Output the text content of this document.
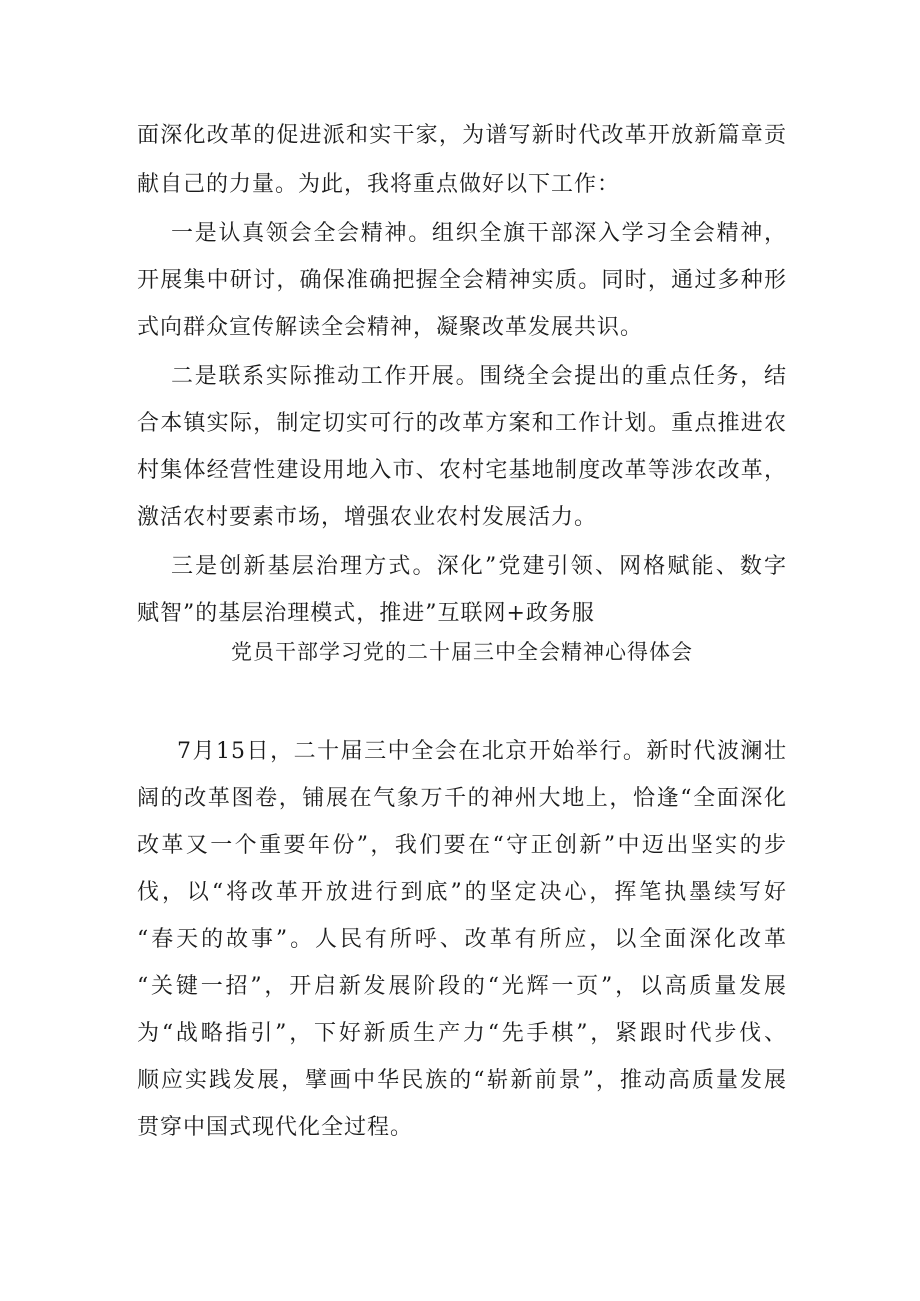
面深化改革的促进派和实干家，为谱写新时代改革开放新篇章贡
献自己的力量。为此，我将重点做好以下工作：
一是认真领会全会精神。组织全旗干部深入学习全会精神，
开展集中研讨，确保准确把握全会精神实质。同时，通过多种形
式向群众宣传解读全会精神，凝聚改革发展共识。
二是联系实际推动工作开展。围绕全会提出的重点任务，结
合本镇实际，制定切实可行的改革方案和工作计划。重点推进农
村集体经营性建设用地入市、农村宅基地制度改革等涉农改革，
激活农村要素市场，增强农业农村发展活力。
三是创新基层治理方式。深化”党建引领、网格赋能、数字
赋智”的基层治理模式，推进”互联网+政务服
党员干部学习党的二十届三中全会精神心得体会
7月15日，二十届三中全会在北京开始举行。新时代波澜壮
阔的改革图卷，铺展在气象万千的神州大地上，恰逢“全面深化
改革又一个重要年份”，我们要在“守正创新”中迈出坚实的步
伐，以“将改革开放进行到底”的坚定决心，挥笔执墨续写好
“春天的故事”。人民有所呼、改革有所应，以全面深化改革
“关键一招”，开启新发展阶段的“光辉一页”，以高质量发展
为“战略指引”，下好新质生产力“先手棋”，紧跟时代步伐、
顺应实践发展，擘画中华民族的“崭新前景”，推动高质量发展
贯穿中国式现代化全过程。
